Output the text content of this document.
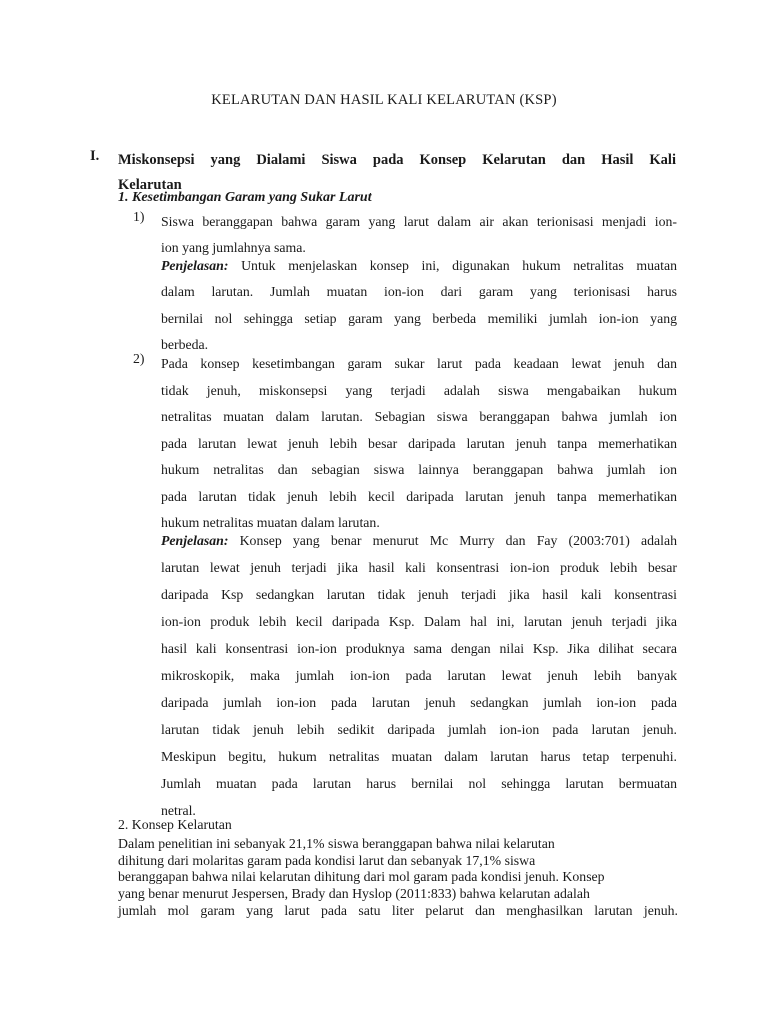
KELARUTAN DAN HASIL KALI KELARUTAN (KSP)
I. Miskonsepsi yang Dialami Siswa pada Konsep Kelarutan dan Hasil Kali
Kelarutan
1. Kesetimbangan Garam yang Sukar Larut
1) Siswa beranggapan bahwa garam yang larut dalam air akan terionisasi menjadi ion-
ion yang jumlahnya sama.
Penjelasan: Untuk menjelaskan konsep ini, digunakan hukum netralitas muatan
dalam larutan. Jumlah muatan ion-ion dari garam yang terionisasi harus
bernilai nol sehingga setiap garam yang berbeda memiliki jumlah ion-ion yang
berbeda.
2) Pada konsep kesetimbangan garam sukar larut pada keadaan lewat jenuh dan
tidak jenuh, miskonsepsi yang terjadi adalah siswa mengabaikan hukum
netralitas muatan dalam larutan. Sebagian siswa beranggapan bahwa jumlah ion
pada larutan lewat jenuh lebih besar daripada larutan jenuh tanpa memerhatikan
hukum netralitas dan sebagian siswa lainnya beranggapan bahwa jumlah ion
pada larutan tidak jenuh lebih kecil daripada larutan jenuh tanpa memerhatikan
hukum netralitas muatan dalam larutan.
Penjelasan: Konsep yang benar menurut Mc Murry dan Fay (2003:701) adalah
larutan lewat jenuh terjadi jika hasil kali konsentrasi ion-ion produk lebih besar
daripada Ksp sedangkan larutan tidak jenuh terjadi jika hasil kali konsentrasi
ion-ion produk lebih kecil daripada Ksp. Dalam hal ini, larutan jenuh terjadi jika
hasil kali konsentrasi ion-ion produknya sama dengan nilai Ksp. Jika dilihat secara
mikroskopik, maka jumlah ion-ion pada larutan lewat jenuh lebih banyak
daripada jumlah ion-ion pada larutan jenuh sedangkan jumlah ion-ion pada
larutan tidak jenuh lebih sedikit daripada jumlah ion-ion pada larutan jenuh.
Meskipun begitu, hukum netralitas muatan dalam larutan harus tetap terpenuhi.
Jumlah muatan pada larutan harus bernilai nol sehingga larutan bermuatan
netral.
2. Konsep Kelarutan
Dalam penelitian ini sebanyak 21,1% siswa beranggapan bahwa nilai kelarutan
dihitung dari molaritas garam pada kondisi larut dan sebanyak 17,1% siswa
beranggapan bahwa nilai kelarutan dihitung dari mol garam pada kondisi jenuh. Konsep
yang benar menurut Jespersen, Brady dan Hyslop (2011:833) bahwa kelarutan adalah
jumlah mol garam yang larut pada satu liter pelarut dan menghasilkan larutan jenuh.
